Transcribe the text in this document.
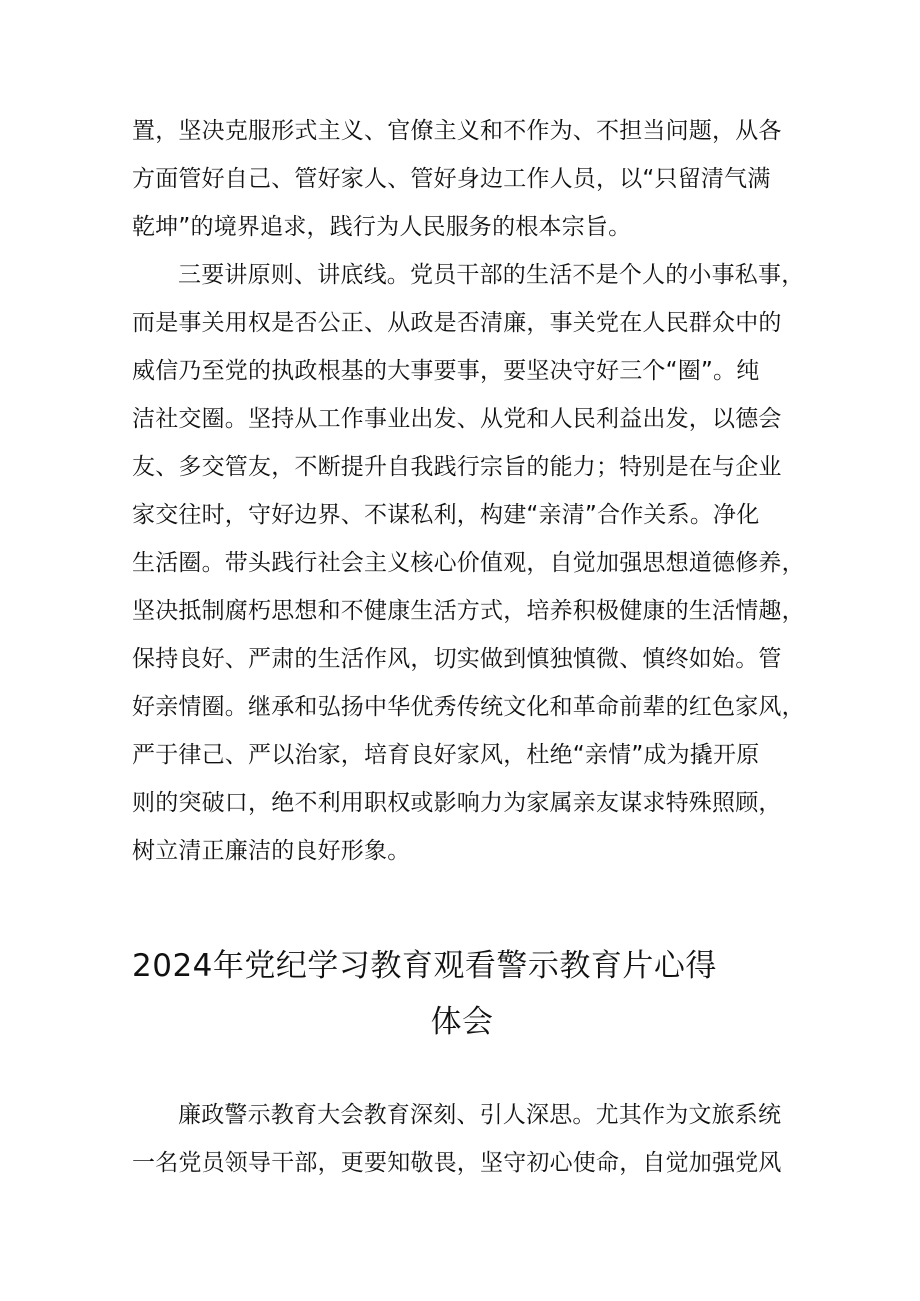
置，坚决克服形式主义、官僚主义和不作为、不担当问题，从各
方面管好自己、管好家人、管好身边工作人员，以“只留清气满
乾坤”的境界追求，践行为人民服务的根本宗旨。
三要讲原则、讲底线。党员干部的生活不是个人的小事私事，
而是事关用权是否公正、从政是否清廉，事关党在人民群众中的
威信乃至党的执政根基的大事要事，要坚决守好三个“圈”。纯
洁社交圈。坚持从工作事业出发、从党和人民利益出发，以德会
友、多交管友，不断提升自我践行宗旨的能力；特别是在与企业
家交往时，守好边界、不谋私利，构建“亲清”合作关系。净化
生活圈。带头践行社会主义核心价值观，自觉加强思想道德修养，
坚决抵制腐朽思想和不健康生活方式，培养积极健康的生活情趣，
保持良好、严肃的生活作风，切实做到慎独慎微、慎终如始。管
好亲情圈。继承和弘扬中华优秀传统文化和革命前辈的红色家风，
严于律己、严以治家，培育良好家风，杜绝“亲情”成为撬开原
则的突破口，绝不利用职权或影响力为家属亲友谋求特殊照顾，
树立清正廉洁的良好形象。
2024年党纪学习教育观看警示教育片心得
体会
廉政警示教育大会教育深刻、引人深思。尤其作为文旅系统
一名党员领导干部，更要知敬畏，坚守初心使命，自觉加强党风
